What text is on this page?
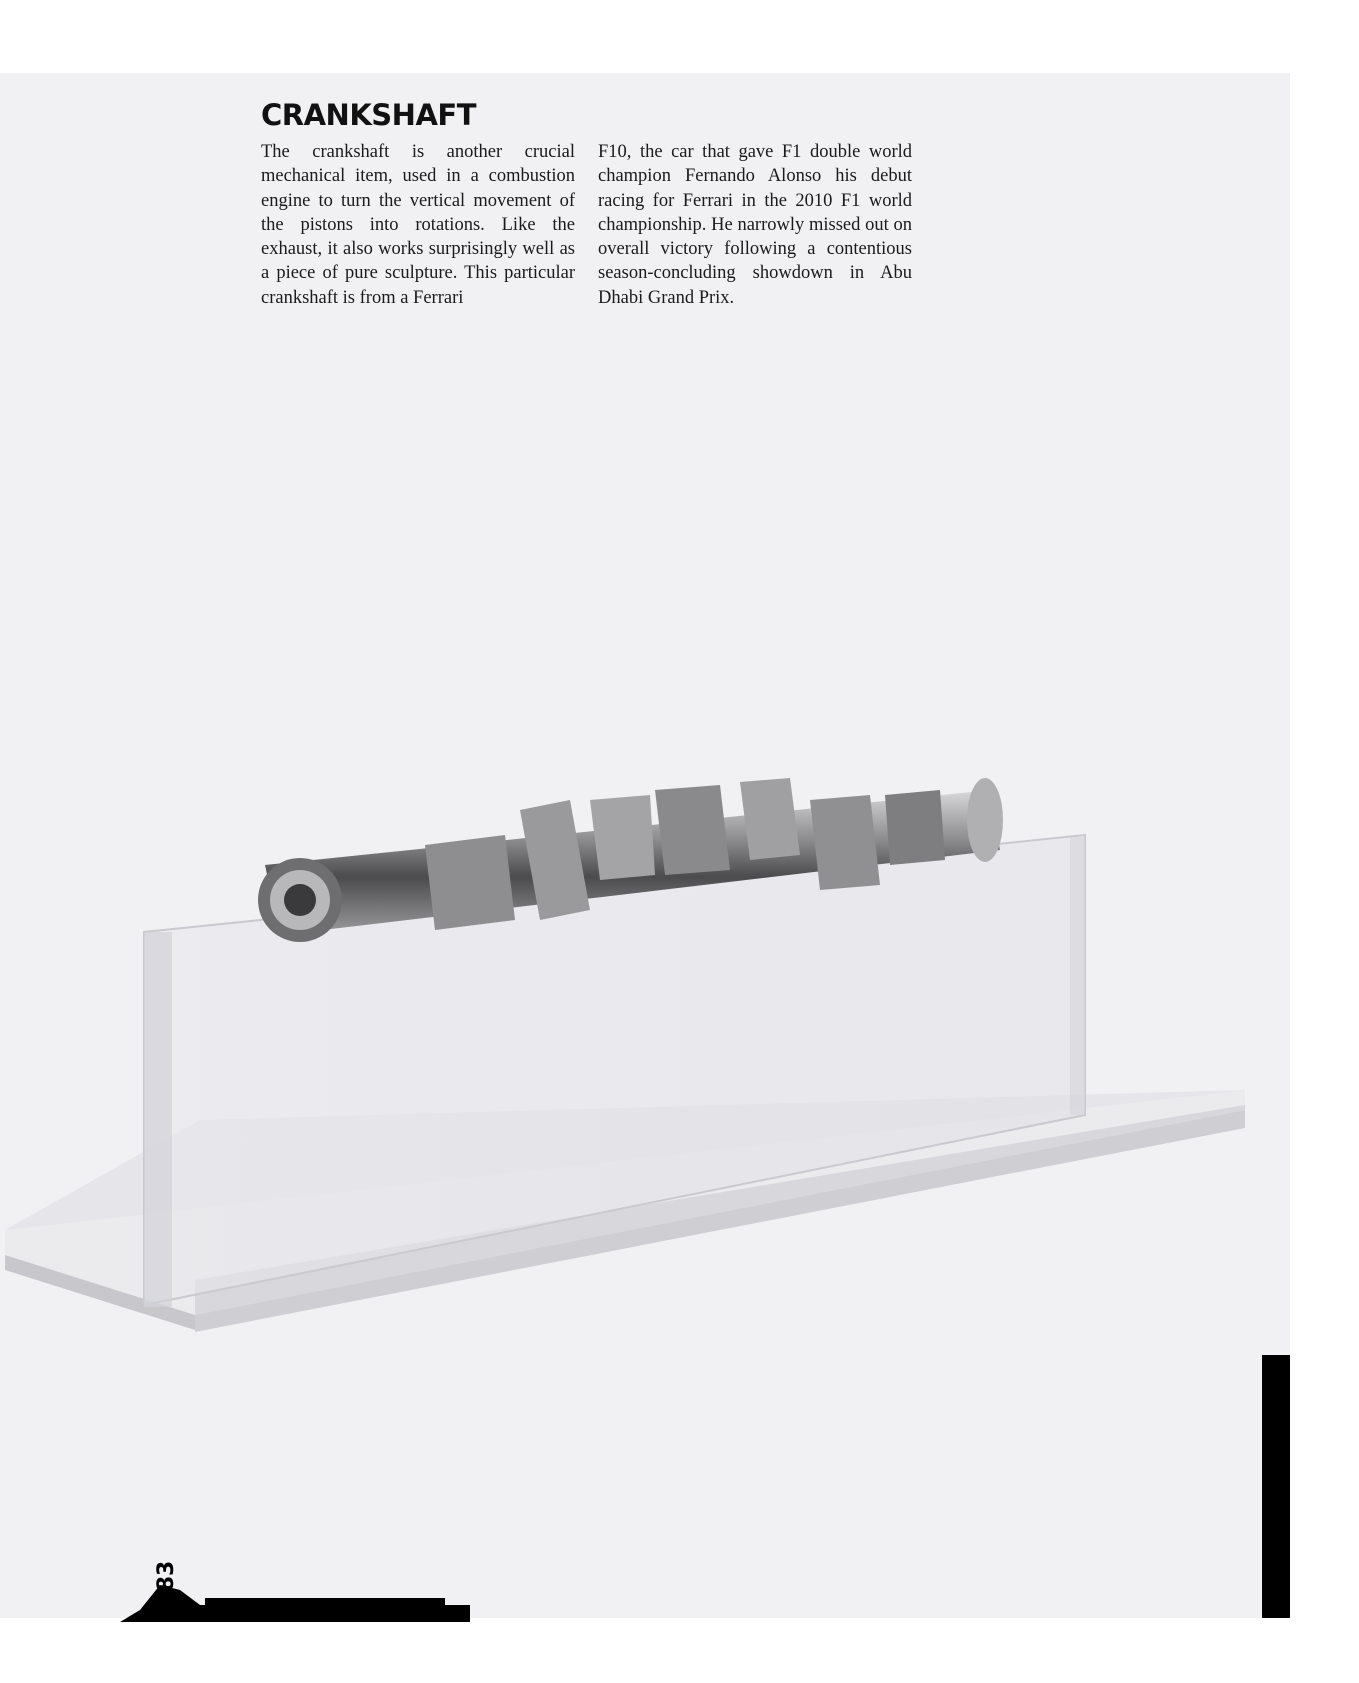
CRANKSHAFT

The crankshaft is another crucial mechanical item, used in a combustion engine to turn the vertical movement of the pistons into rotations. Like the exhaust, it also works surprisingly well as a piece of pure sculpture. This particular crankshaft is from a Ferrari

F10, the car that gave F1 double world champion Fernando Alonso his debut racing for Ferrari in the 2010 F1 world championship. He narrowly missed out on overall victory following a contentious season-concluding showdown in Abu Dhabi Grand Prix.

83
